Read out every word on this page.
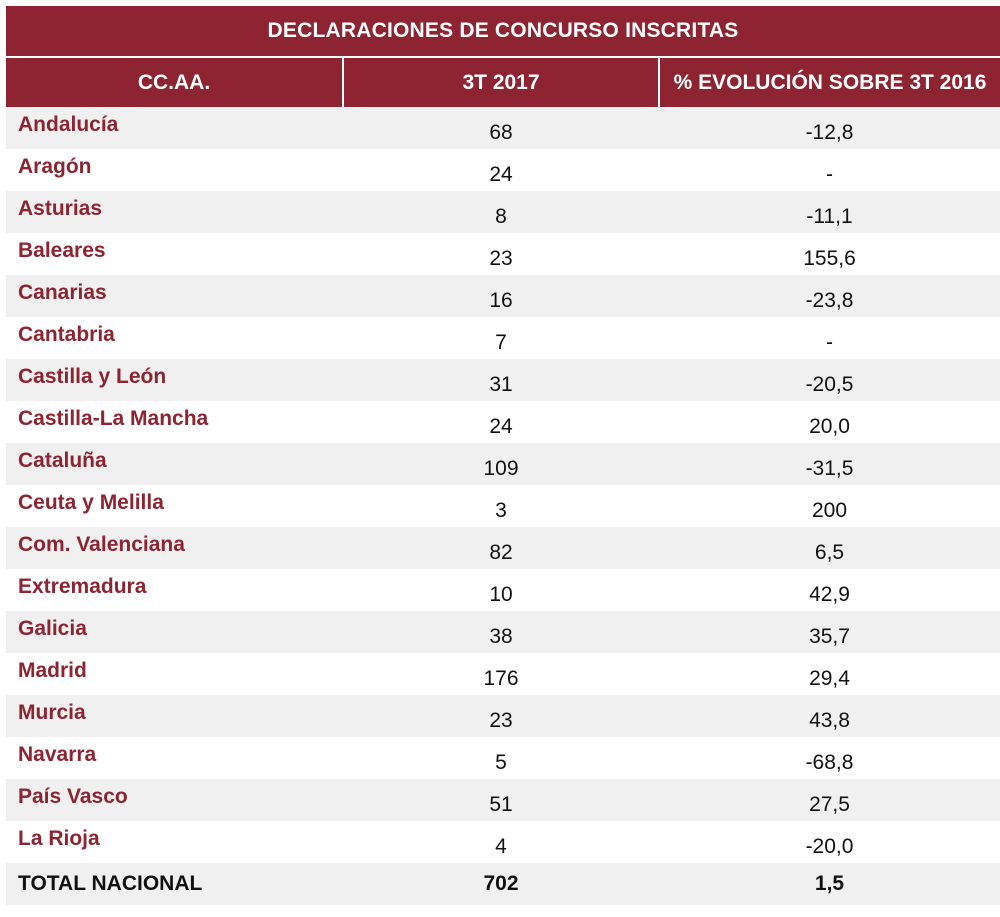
DECLARACIONES DE CONCURSO INSCRITAS		
CC.AA.	3T 2017	% EVOLUCIÓN SOBRE 3T 2016
Andalucía	68	-12,8
Aragón	24	-
Asturias	8	-11,1
Baleares	23	155,6
Canarias	16	-23,8
Cantabria	7	-
Castilla y León	31	-20,5
Castilla-La Mancha	24	20,0
Cataluña	109	-31,5
Ceuta y Melilla	3	200
Com. Valenciana	82	6,5
Extremadura	10	42,9
Galicia	38	35,7
Madrid	176	29,4
Murcia	23	43,8
Navarra	5	-68,8
País Vasco	51	27,5
La Rioja	4	-20,0
TOTAL NACIONAL	702	1,5
